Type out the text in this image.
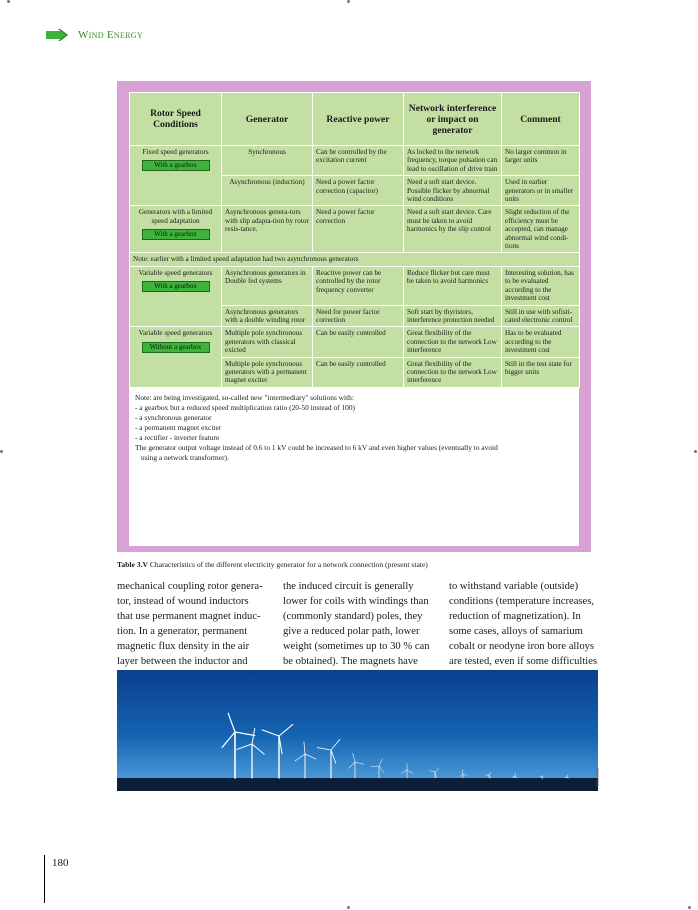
Wind Energy
Rotor Speed Conditions	Generator	Reactive power	Network interference or impact on generator	Comment

Fixed speed generators
With a gearbox	Synchronous	Can be controlled by the excitation current	As locked to the network frequency, torque pulsation can lead to oscillation of drive train	No larger common in larger units
	Asynchronous (induction)	Need a power factor correction (capacitor)	Need a soft start device. Possible flicker by abnormal wind conditions	Used in earlier generators or in smaller units

Generators with a limited speed adaptation
With a gearbox	Asynchronous genera-tors with slip adapta-tion by rotor resis-tance.	Need a power factor correction	Need a soft start device. Care must be taken to avoid harmonics by the slip control	Slight reduction of the efficiency must be accepted, can manage abnormal wind condi-tions
Note: earlier with a limited speed adaptation had two asynchronous generators				

Variable speed generators
With a gearbox	Asynchronous generators in Double fed systems	Reactive power can be controlled by the rotor frequency converter	Reduce flicker but care must be taken to avoid harmonics	Interesting solution, has to be evaluated according to the investment cost
	Asynchronous generators with a double winding rotor	Need for power factor correction	Soft start by thyristors, interference protection needed	Still in use with sofisti-cated electronic control

Variable speed generators
Without a gearbox	Multiple pole synchronous generators with classical exicted	Can be easily controlled	Great flexibility of the connection to the network Low interference	Has to be evaluated according to the investment cost
	Multiple pole synchronous generators with a permanent magnet exciter	Can be easily controlled	Great flexibility of the connection to the network Low interference	Still in the test state for bigger units
Note: are being investigated, so-called new "intermediary" solutions with:
- a gearbox but a reduced speed multiplication ratio (20-50 instead of 100)
- a synchronous generator
- a permanent magnet exciter
- a rectifier - inverter feature
The generator output voltage instead of 0.6 to 1 kV could be increased to 6 kV and even higher values (eventually to avoid
using a network transformer).
Table 3.V Characteristics of the different electricity generator for a network connection (present state)
mechanical coupling rotor genera-
tor, instead of wound inductors
that use permanent magnet induc-
tion. In a generator, permanent
magnetic flux density in the air
layer between the inductor and
the induced circuit is generally
lower for coils with windings than
(commonly standard) poles, they
give a reduced polar path, lower
weight (sometimes up to 30 % can
be obtained). The magnets have
to withstand variable (outside)
conditions (temperature increases,
reduction of magnetization). In
some cases, alloys of samarium
cobalt or neodyne iron bore alloys
are tested, even if some difficulties
EREC/SO
180
